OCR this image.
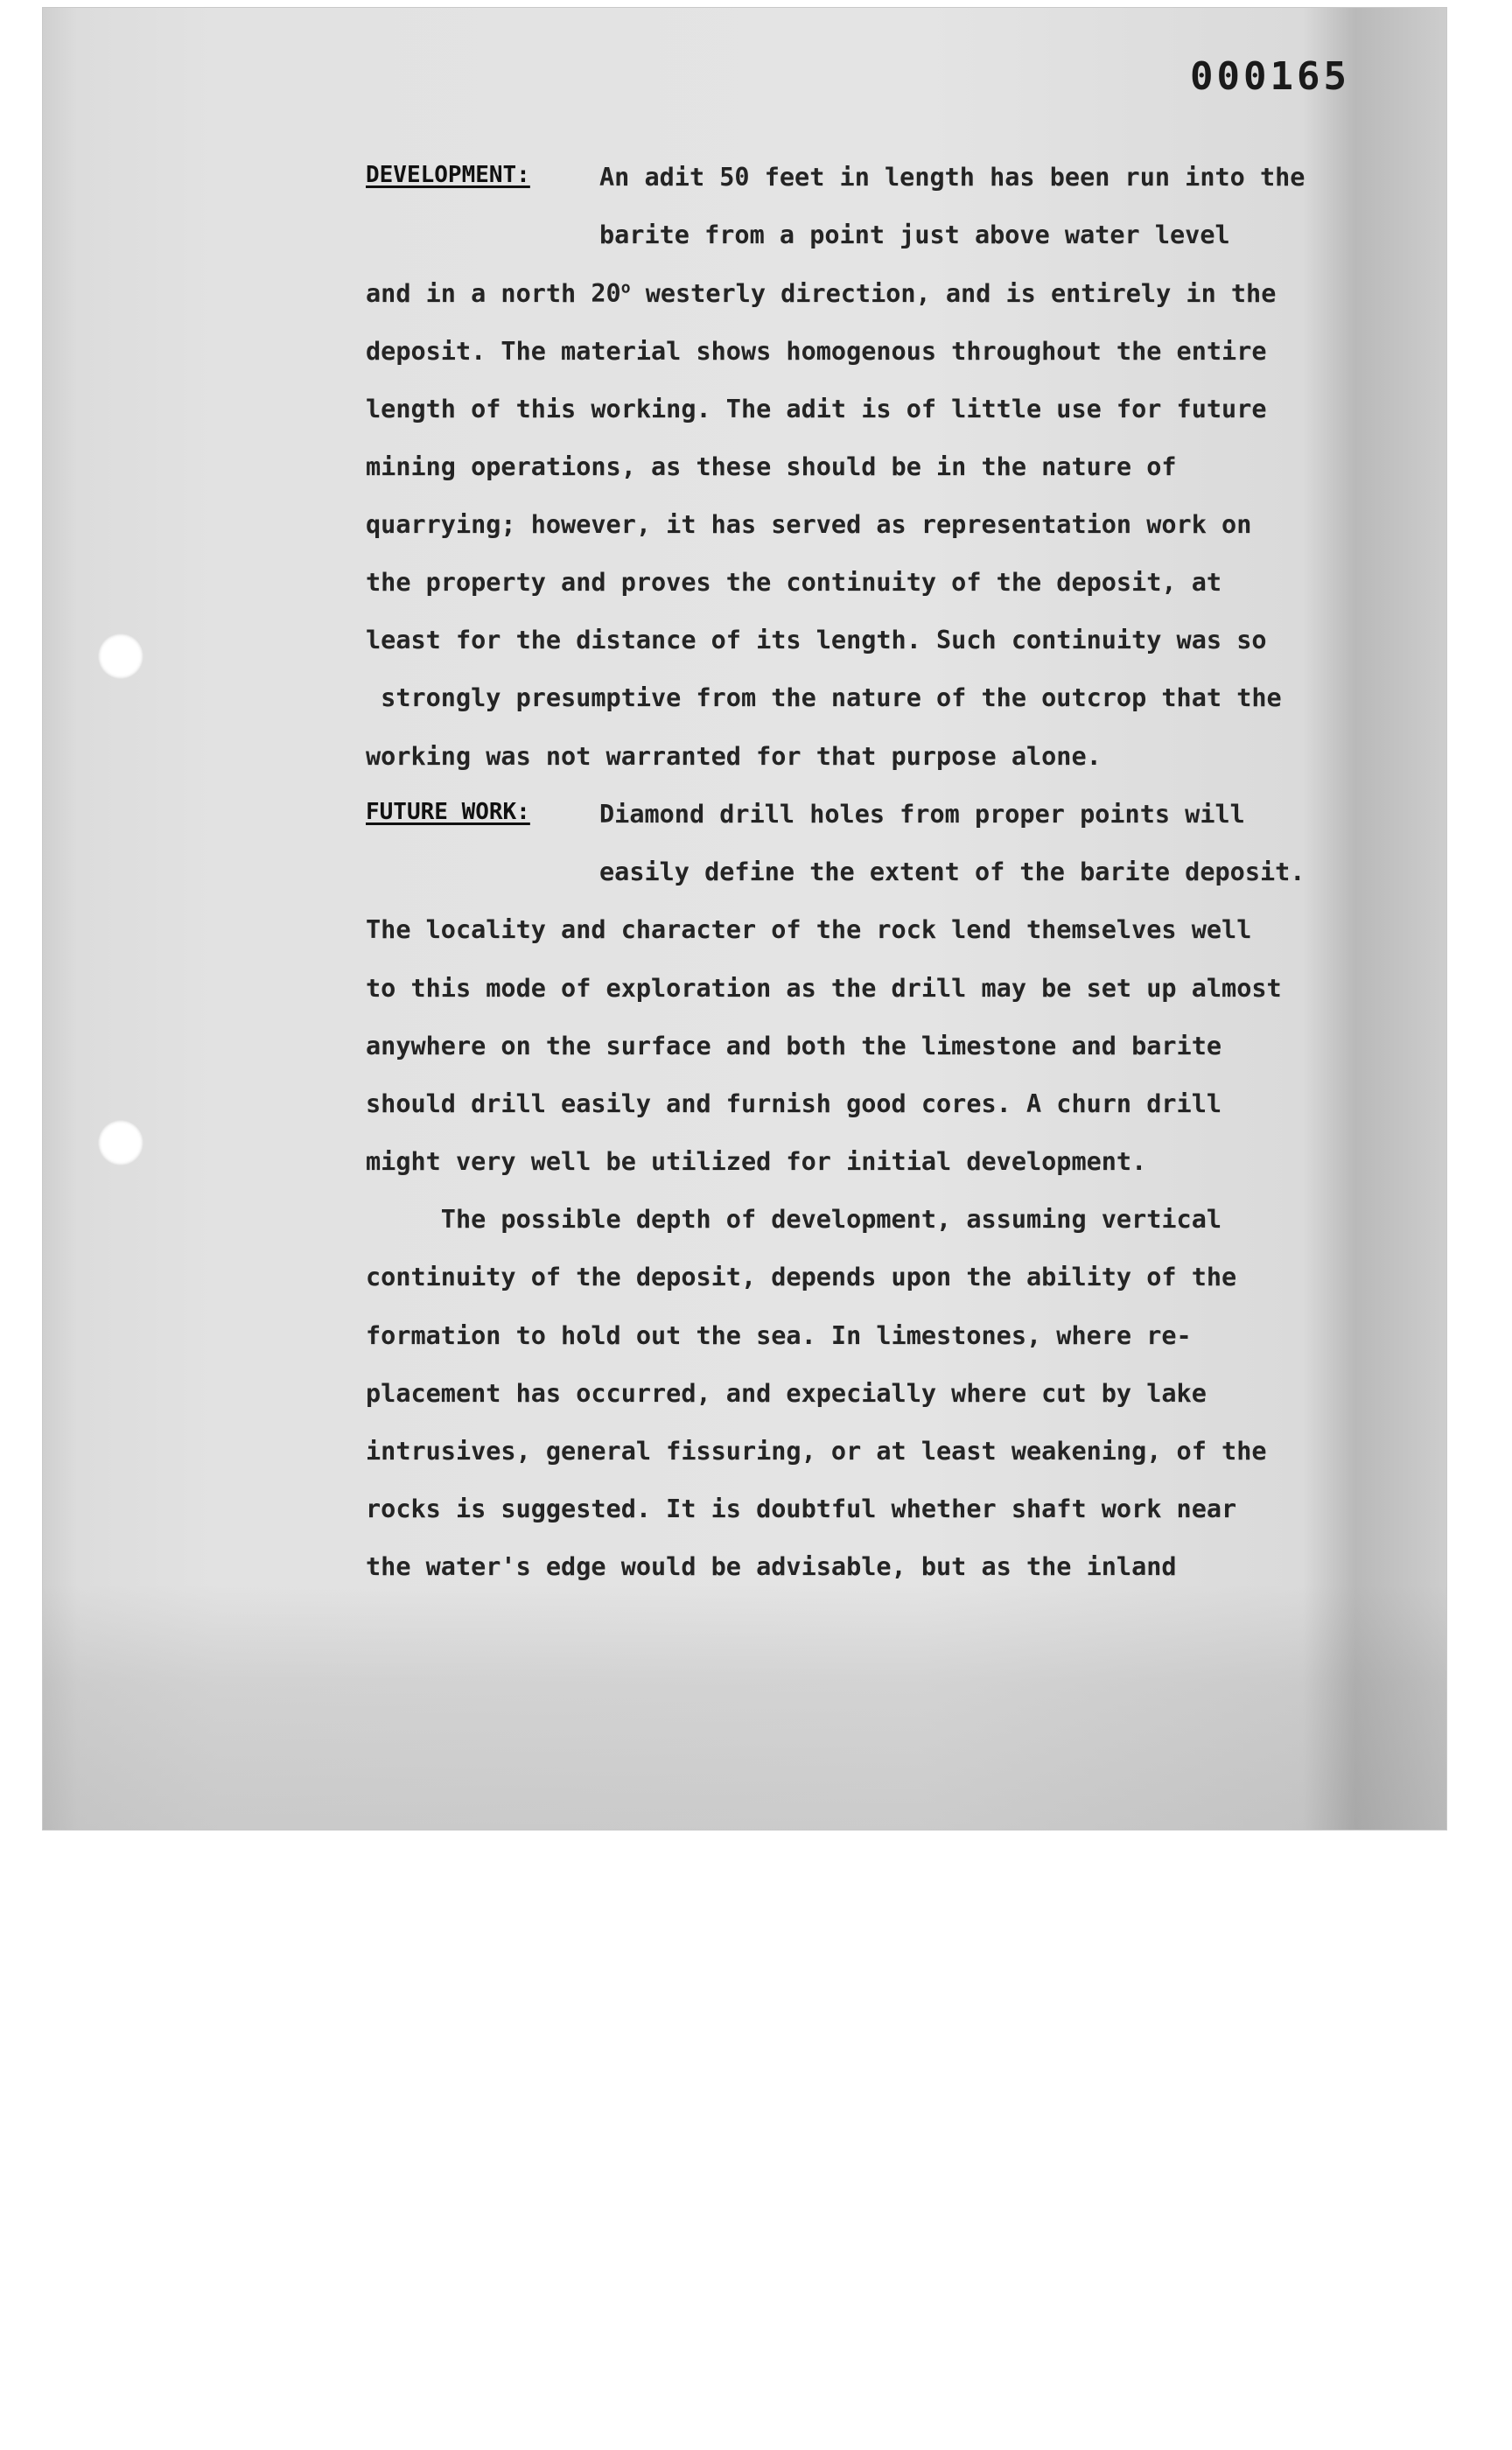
000165
DEVELOPMENT:	An adit 50 feet in length has been run into the
barite from a point just above water level
and in a north 20$^o$ westerly direction, and is entirely in the
deposit. The material shows homogenous throughout the entire
length of this working. The adit is of little use for future
mining operations, as these should be in the nature of
quarrying; however, it has served as representation work on
the property and proves the continuity of the deposit, at
least for the distance of its length. Such continuity was so
strongly presumptive from the nature of the outcrop that the
working was not warranted for that purpose alone.
FUTURE WORK:	Diamond drill holes from proper points will
easily define the extent of the barite deposit.
The locality and character of the rock lend themselves well
to this mode of exploration as the drill may be set up almost
anywhere on the surface and both the limestone and barite
should drill easily and furnish good cores. A churn drill
might very well be utilized for initial development.
The possible depth of development, assuming vertical
continuity of the deposit, depends upon the ability of the
formation to hold out the sea. In limestones, where re-
placement has occurred, and expecially where cut by lake
intrusives, general fissuring, or at least weakening, of the
rocks is suggested. It is doubtful whether shaft work near
the water's edge would be advisable, but as the inland
